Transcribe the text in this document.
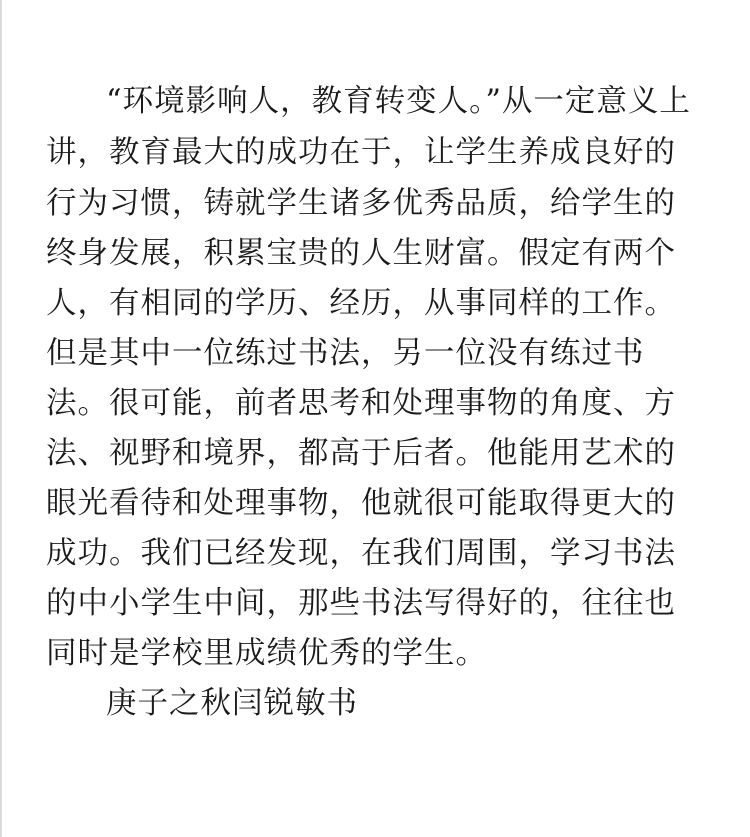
“环境影响人，教育转变人。”从一定意义上
讲，教育最大的成功在于，让学生养成良好的
行为习惯，铸就学生诸多优秀品质，给学生的
终身发展，积累宝贵的人生财富。假定有两个
人，有相同的学历、经历，从事同样的工作。
但是其中一位练过书法，另一位没有练过书
法。很可能，前者思考和处理事物的角度、方
法、视野和境界，都高于后者。他能用艺术的
眼光看待和处理事物，他就很可能取得更大的
成功。我们已经发现，在我们周围，学习书法
的中小学生中间，那些书法写得好的，往往也
同时是学校里成绩优秀的学生。
庚子之秋闫锐敏书
